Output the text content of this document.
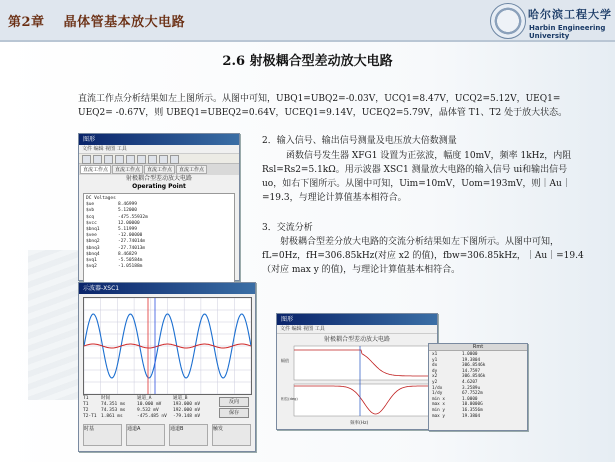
第2章 晶体管基本放大电路
哈尔滨工程大学
Harbin Engineering University
2.6 射极耦合型差动放大电路
直流工作点分析结果如左上图所示。从图中可知，UBQ1=UBQ2=-0.03V，UCQ1=8.47V，UCQ2=5.12V，UEQ1= UEQ2= -0.67V，则 UBEQ1=UBEQ2=0.64V，UCEQ1=9.14V，UCEQ2=5.79V，晶体管 T1、T2 处于放大状态。
图形
文件 编辑 视图 工具
直流工作点	直流工作点	直流工作点	直流工作点
射极耦合型差动放大电路
Operating Point
DC Voltages
$ue	8.46999
$vb	5.12000
$cq	-475.55932m
$vcc	12.00000
$bnq1	5.11999
$vee	-12.00000
$bnq2	-27.74014m
$bnq3	-27.74013m
$bnq4	8.46829
$vq1	-5.50584m
$vq2	-1.05188m
2．输入信号、输出信号测量及电压放大倍数测量
函数信号发生器 XFG1 设置为正弦波，幅度 10mV，频率 1kHz，内阻 Rsl=Rs2=5.1kΩ。用示波器 XSC1 测量放大电路的输入信号 ui和输出信号 uo，如右下图所示。从图中可知，Uim=10mV，Uom=193mV，则｜Au｜=19.3，与理论计算值基本相符合。
3．交流分析
射极耦合型差分放大电路的交流分析结果如左下图所示。从图中可知，fL=0Hz，fH=306.85kHz(对应 x2 的值)，fbw=306.85kHz，｜Au｜=19.4（对应 max y 的值)，与理论计算值基本相符合。
示波器-XSC1
T1	时间	通道_A	通道_B
T1	74.351 ms	10.000 mV	193.000 mV
T2	74.353 ms	9.532 mV	192.000 mV
T2-T1 1.861 ms	-475.485 nV	-79.148 mV
反向
保存
时基	通道A	通道B	触发
图形
文件 编辑 视图 工具
射极耦合型差动放大电路
频率(Hz)
幅值
相位(deg)
Rmt
x1	1.0000
y1	19.3804
dx	306.8546k
dy	14.7597
x2	306.8546k
y2	4.6207
1/dx	3.2589u
1/dy	67.7522m
min x	1.0000
max x	10.0000G
min y	16.3556m
max y	19.3804
